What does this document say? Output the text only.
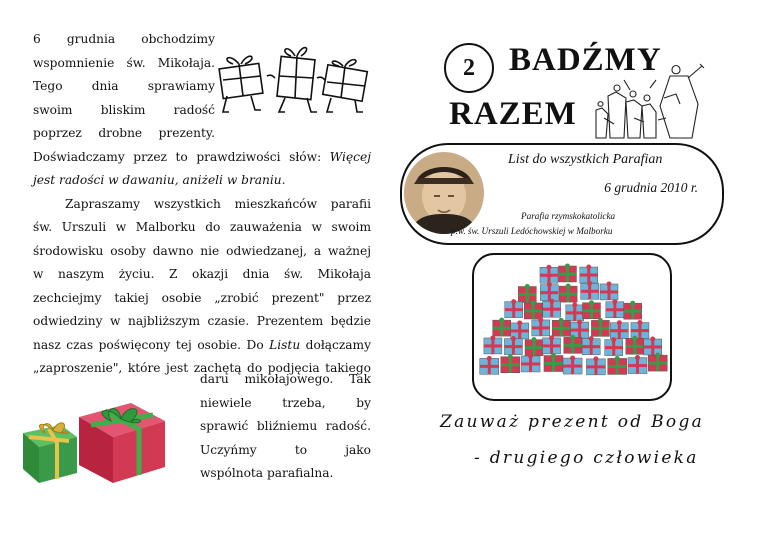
6 grudnia obchodzimy
wspomnienie św. Mikołaja.
Tego dnia sprawiamy
swoim bliskim radość
poprzez drobne prezenty.
Doświadczamy przez to prawdziwości słów: Więcej
jest radości w dawaniu, aniżeli w braniu.
Zapraszamy wszystkich mieszkańców parafii
św. Urszuli w Malborku do zauważenia w swoim
środowisku osoby dawno nie odwiedzanej, a ważnej
w naszym życiu. Z okazji dnia św. Mikołaja
zechciejmy takiej osobie „zrobić prezent" przez
odwiedziny w najbliższym czasie. Prezentem będzie
nasz czas poświęcony tej osobie. Do Listu dołączamy
„zaproszenie", które jest zachętą do podjęcia takiego
daru mikołajowego. Tak
niewiele trzeba, by
sprawić bliźniemu radość.
Uczyńmy to jako
wspólnota parafialna.
2 BADŹMY
RAZEM
List do wszystkich Parafian
6 grudnia 2010 r.
Parafia rzymskokatolicka
p.w. św. Urszuli Ledóchowskiej w Malborku
Zauważ prezent od Boga
- drugiego człowieka
